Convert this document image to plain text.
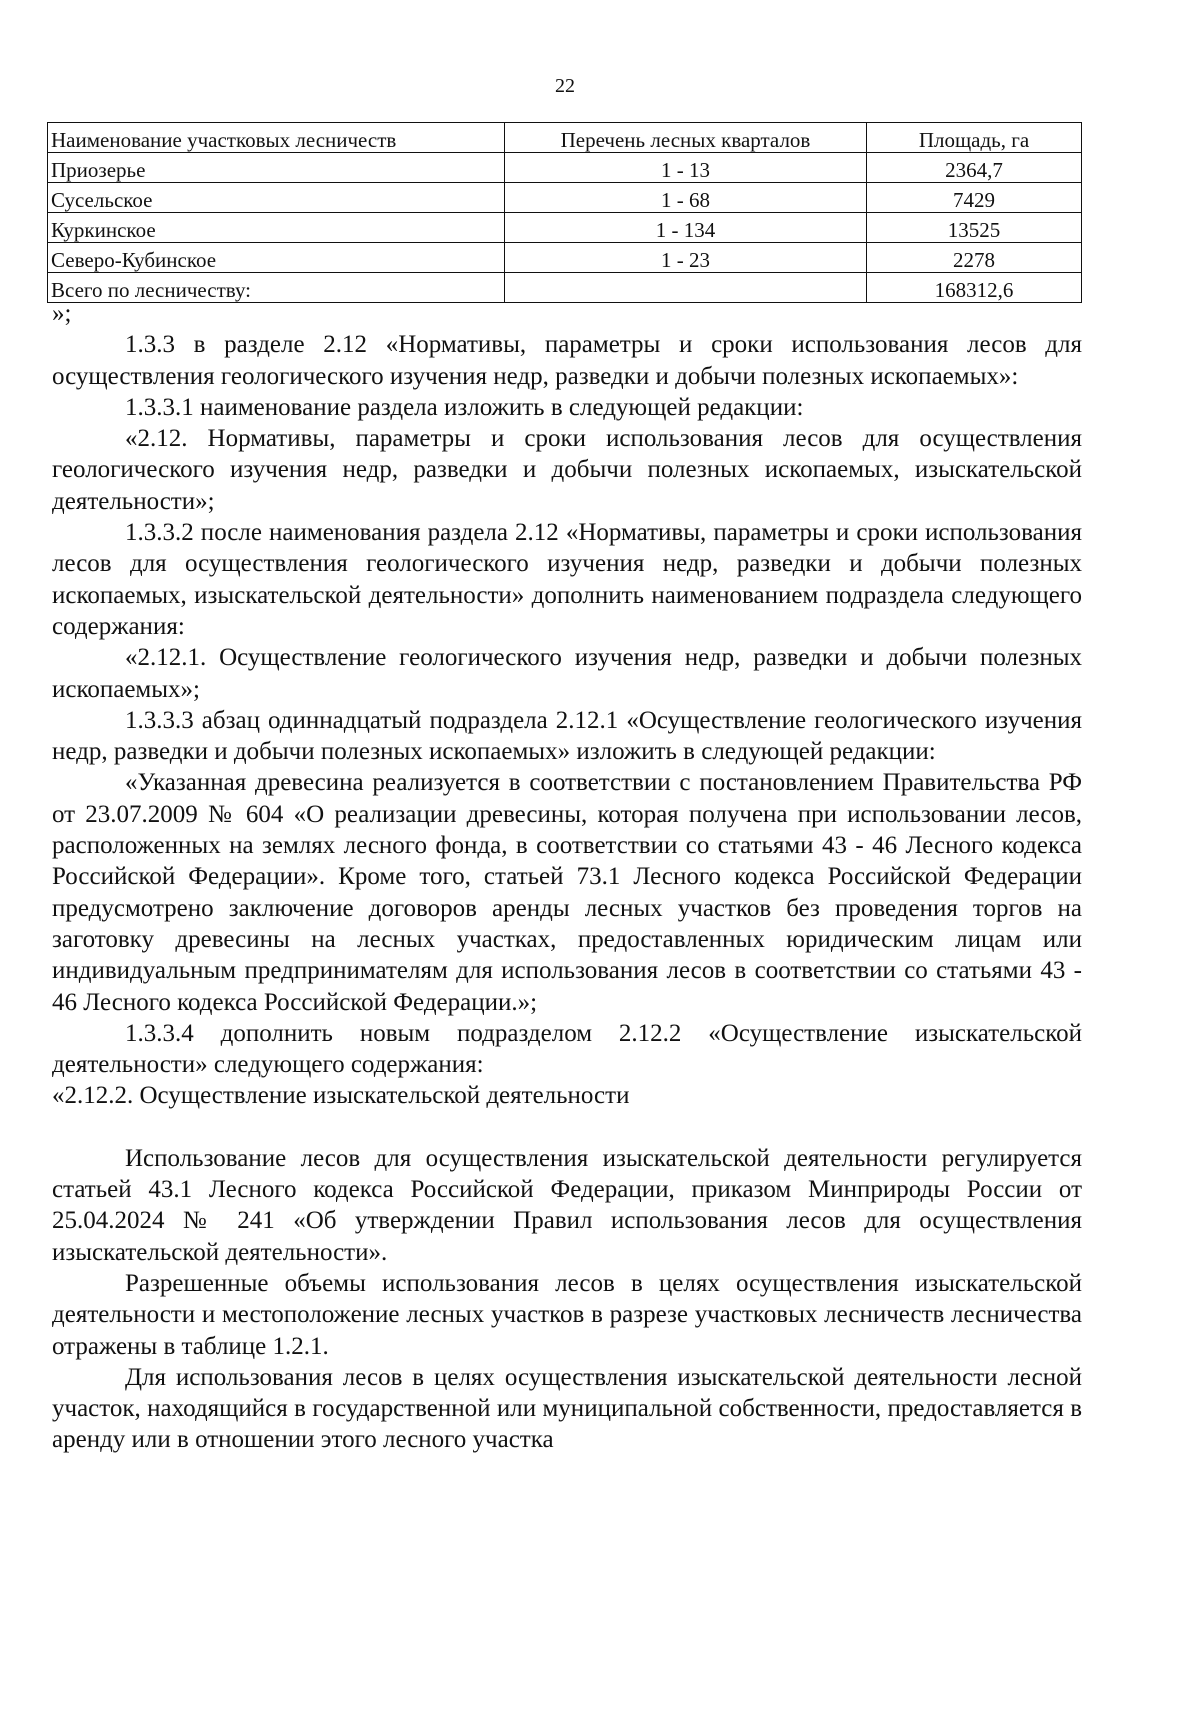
22
Наименование участковых лесничеств	Перечень лесных кварталов	Площадь, га
Приозерье	1 - 13	2364,7
Сусельское	1 - 68	7429
Куркинское	1 - 134	13525
Северо-Кубинское	1 - 23	2278
Всего по лесничеству:		168312,6

»;

1.3.3 в разделе 2.12 «Нормативы, параметры и сроки использования лесов для осуществления геологического изучения недр, разведки и добычи полезных ископаемых»:

1.3.3.1 наименование раздела изложить в следующей редакции:

«2.12. Нормативы, параметры и сроки использования лесов для осуществления геологического изучения недр, разведки и добычи полезных ископаемых, изыскательской деятельности»;

1.3.3.2 после наименования раздела 2.12 «Нормативы, параметры и сроки использования лесов для осуществления геологического изучения недр, разведки и добычи полезных ископаемых, изыскательской деятельности» дополнить наименованием подраздела следующего содержания:

«2.12.1. Осуществление геологического изучения недр, разведки и добычи полезных ископаемых»;

1.3.3.3 абзац одиннадцатый подраздела 2.12.1 «Осуществление геологического изучения недр, разведки и добычи полезных ископаемых» изложить в следующей редакции:

«Указанная древесина реализуется в соответствии с постановлением Правительства РФ от 23.07.2009 № 604 «О реализации древесины, которая получена при использовании лесов, расположенных на землях лесного фонда, в соответствии со статьями 43 - 46 Лесного кодекса Российской Федерации». Кроме того, статьей 73.1 Лесного кодекса Российской Федерации предусмотрено заключение договоров аренды лесных участков без проведения торгов на заготовку древесины на лесных участках, предоставленных юридическим лицам или индивидуальным предпринимателям для использования лесов в соответствии со статьями 43 - 46 Лесного кодекса Российской Федерации.»;

1.3.3.4 дополнить новым подразделом 2.12.2 «Осуществление изыскательской деятельности» следующего содержания:

«2.12.2. Осуществление изыскательской деятельности

Использование лесов для осуществления изыскательской деятельности регулируется статьей 43.1 Лесного кодекса Российской Федерации, приказом Минприроды России от 25.04.2024 № 241 «Об утверждении Правил использования лесов для осуществления изыскательской деятельности».

Разрешенные объемы использования лесов в целях осуществления изыскательской деятельности и местоположение лесных участков в разрезе участковых лесничеств лесничества отражены в таблице 1.2.1.

Для использования лесов в целях осуществления изыскательской деятельности лесной участок, находящийся в государственной или муниципальной собственности, предоставляется в аренду или в отношении этого лесного участка
